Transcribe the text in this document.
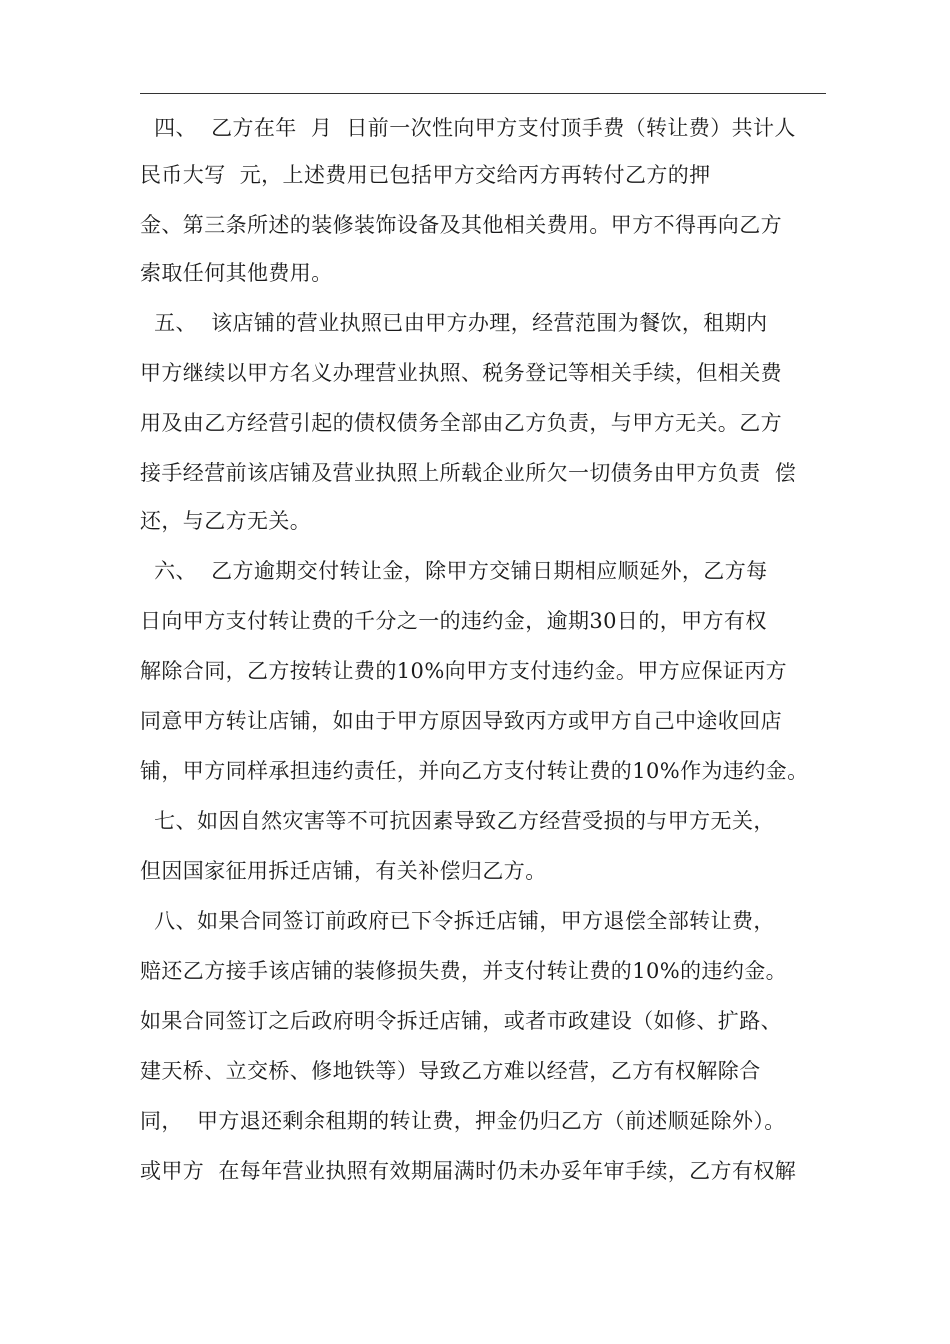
四、  乙方在年  月  日前一次性向甲方支付顶手费（转让费）共计人
民币大写  元，上述费用已包括甲方交给丙方再转付乙方的押
金、第三条所述的装修装饰设备及其他相关费用。甲方不得再向乙方
索取任何其他费用。
五、  该店铺的营业执照已由甲方办理，经营范围为餐饮，租期内
甲方继续以甲方名义办理营业执照、税务登记等相关手续，但相关费
用及由乙方经营引起的债权债务全部由乙方负责，与甲方无关。乙方
接手经营前该店铺及营业执照上所载企业所欠一切债务由甲方负责  偿
还，与乙方无关。
六、  乙方逾期交付转让金，除甲方交铺日期相应顺延外，乙方每
日向甲方支付转让费的千分之一的违约金，逾期30日的，甲方有权
解除合同，乙方按转让费的10%向甲方支付违约金。甲方应保证丙方
同意甲方转让店铺，如由于甲方原因导致丙方或甲方自己中途收回店
铺，甲方同样承担违约责任，并向乙方支付转让费的10%作为违约金。
七、如因自然灾害等不可抗因素导致乙方经营受损的与甲方无关，
但因国家征用拆迁店铺，有关补偿归乙方。
八、如果合同签订前政府已下令拆迁店铺，甲方退偿全部转让费，
赔还乙方接手该店铺的装修损失费，并支付转让费的10%的违约金。
如果合同签订之后政府明令拆迁店铺，或者市政建设（如修、扩路、
建天桥、立交桥、修地铁等）导致乙方难以经营，乙方有权解除合
同，  甲方退还剩余租期的转让费，押金仍归乙方（前述顺延除外）。
或甲方  在每年营业执照有效期届满时仍未办妥年审手续，乙方有权解
